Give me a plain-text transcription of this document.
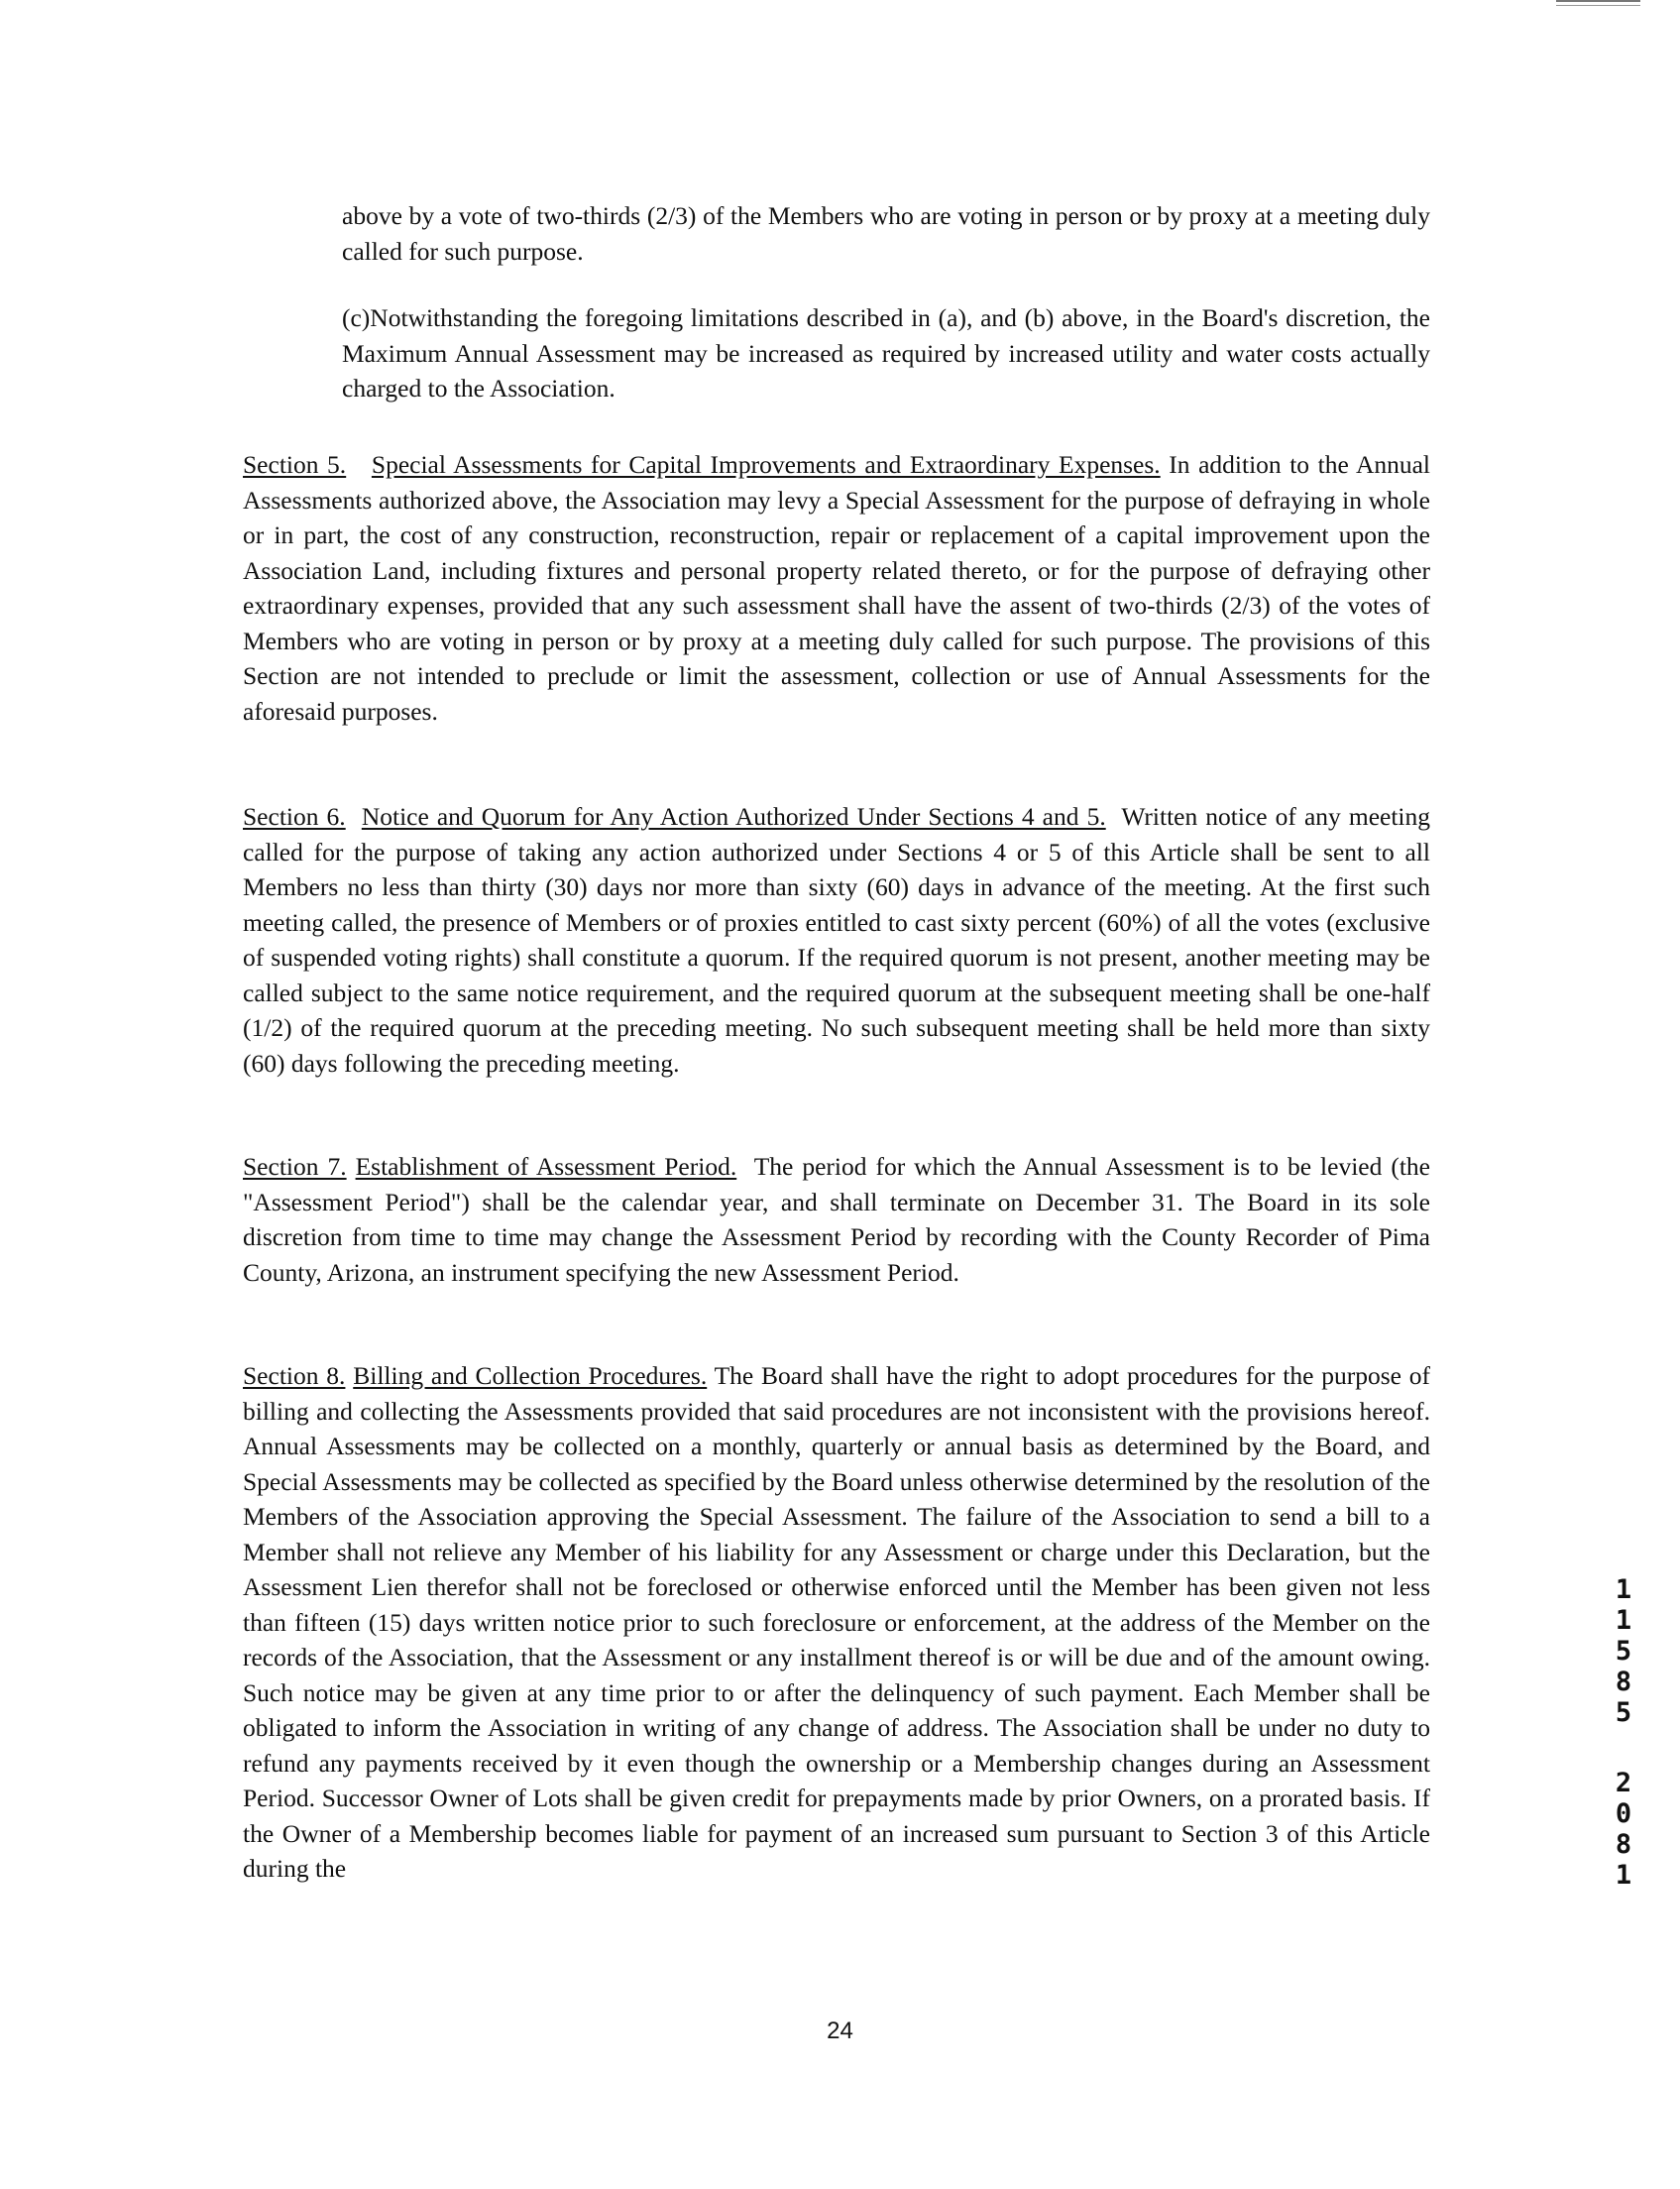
above by a vote of two-thirds (2/3) of the Members who are voting in person or by proxy at a meeting duly called for such purpose.

(c)Notwithstanding the foregoing limitations described in (a), and (b) above, in the Board's discretion, the Maximum Annual Assessment may be increased as required by increased utility and water costs actually charged to the Association.

Section 5. Special Assessments for Capital Improvements and Extraordinary Expenses. In addition to the Annual Assessments authorized above, the Association may levy a Special Assessment for the purpose of defraying in whole or in part, the cost of any construction, reconstruction, repair or replacement of a capital improvement upon the Association Land, including fixtures and personal property related thereto, or for the purpose of defraying other extraordinary expenses, provided that any such assessment shall have the assent of two-thirds (2/3) of the votes of Members who are voting in person or by proxy at a meeting duly called for such purpose. The provisions of this Section are not intended to preclude or limit the assessment, collection or use of Annual Assessments for the aforesaid purposes.

Section 6. Notice and Quorum for Any Action Authorized Under Sections 4 and 5. Written notice of any meeting called for the purpose of taking any action authorized under Sections 4 or 5 of this Article shall be sent to all Members no less than thirty (30) days nor more than sixty (60) days in advance of the meeting. At the first such meeting called, the presence of Members or of proxies entitled to cast sixty percent (60%) of all the votes (exclusive of suspended voting rights) shall constitute a quorum. If the required quorum is not present, another meeting may be called subject to the same notice requirement, and the required quorum at the subsequent meeting shall be one-half (1/2) of the required quorum at the preceding meeting. No such subsequent meeting shall be held more than sixty (60) days following the preceding meeting.

Section 7. Establishment of Assessment Period. The period for which the Annual Assessment is to be levied (the "Assessment Period") shall be the calendar year, and shall terminate on December 31. The Board in its sole discretion from time to time may change the Assessment Period by recording with the County Recorder of Pima County, Arizona, an instrument specifying the new Assessment Period.

Section 8. Billing and Collection Procedures. The Board shall have the right to adopt procedures for the purpose of billing and collecting the Assessments provided that said procedures are not inconsistent with the provisions hereof. Annual Assessments may be collected on a monthly, quarterly or annual basis as determined by the Board, and Special Assessments may be collected as specified by the Board unless otherwise determined by the resolution of the Members of the Association approving the Special Assessment. The failure of the Association to send a bill to a Member shall not relieve any Member of his liability for any Assessment or charge under this Declaration, but the Assessment Lien therefor shall not be foreclosed or otherwise enforced until the Member has been given not less than fifteen (15) days written notice prior to such foreclosure or enforcement, at the address of the Member on the records of the Association, that the Assessment or any installment thereof is or will be due and of the amount owing. Such notice may be given at any time prior to or after the delinquency of such payment. Each Member shall be obligated to inform the Association in writing of any change of address. The Association shall be under no duty to refund any payments received by it even though the ownership or a Membership changes during an Assessment Period. Successor Owner of Lots shall be given credit for prepayments made by prior Owners, on a prorated basis. If the Owner of a Membership becomes liable for payment of an increased sum pursuant to Section 3 of this Article during the

24
1
1
5
8
5
2
0
8
1
